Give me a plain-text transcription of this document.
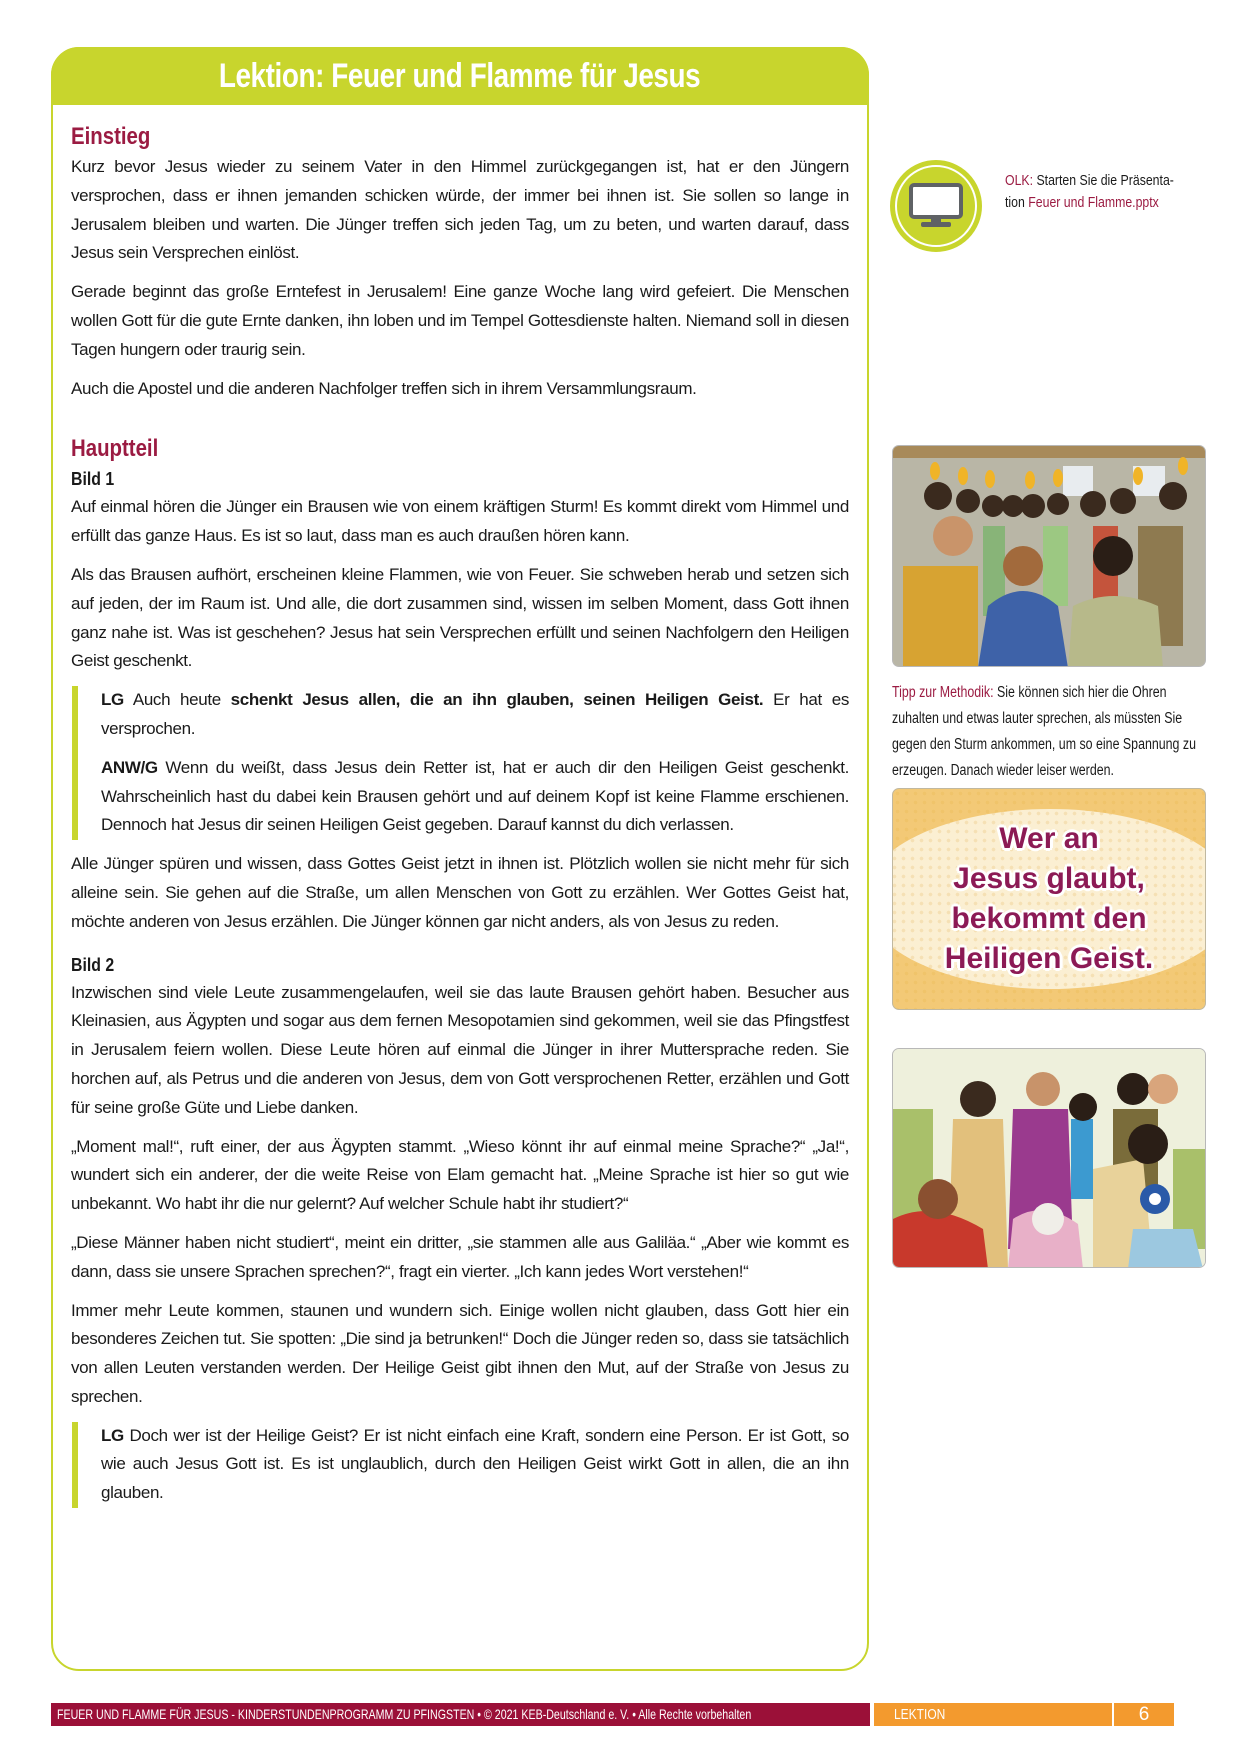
Lektion: Feuer und Flamme für Jesus
Einstieg

Kurz bevor Jesus wieder zu seinem Vater in den Himmel zurückgegangen ist, hat er den Jüngern versprochen, dass er ihnen jemanden schicken würde, der immer bei ihnen ist. Sie sollen so lange in Jerusalem bleiben und warten. Die Jünger treffen sich jeden Tag, um zu beten, und warten darauf, dass Jesus sein Versprechen einlöst.

Gerade beginnt das große Erntefest in Jerusalem! Eine ganze Woche lang wird gefeiert. Die Menschen wollen Gott für die gute Ernte danken, ihn loben und im Tempel Gottesdienste halten. Niemand soll in diesen Tagen hungern oder traurig sein.

Auch die Apostel und die anderen Nachfolger treffen sich in ihrem Versammlungsraum.

Hauptteil
Bild 1

Auf einmal hören die Jünger ein Brausen wie von einem kräftigen Sturm! Es kommt direkt vom Himmel und erfüllt das ganze Haus. Es ist so laut, dass man es auch draußen hören kann.

Als das Brausen aufhört, erscheinen kleine Flammen, wie von Feuer. Sie schweben herab und setzen sich auf jeden, der im Raum ist. Und alle, die dort zusammen sind, wissen im selben Moment, dass Gott ihnen ganz nahe ist. Was ist geschehen? Jesus hat sein Versprechen erfüllt und seinen Nachfolgern den Heiligen Geist geschenkt.

LG Auch heute schenkt Jesus allen, die an ihn glauben, seinen Heiligen Geist. Er hat es versprochen.

ANW/G Wenn du weißt, dass Jesus dein Retter ist, hat er auch dir den Heiligen Geist geschenkt. Wahrscheinlich hast du dabei kein Brausen gehört und auf deinem Kopf ist keine Flamme erschienen. Dennoch hat Jesus dir seinen Heiligen Geist gegeben. Darauf kannst du dich verlassen.

Alle Jünger spüren und wissen, dass Gottes Geist jetzt in ihnen ist. Plötzlich wollen sie nicht mehr für sich alleine sein. Sie gehen auf die Straße, um allen Menschen von Gott zu erzählen. Wer Gottes Geist hat, möchte anderen von Jesus erzählen. Die Jünger können gar nicht anders, als von Jesus zu reden.

Bild 2

Inzwischen sind viele Leute zusammengelaufen, weil sie das laute Brausen gehört haben. Besucher aus Kleinasien, aus Ägypten und sogar aus dem fernen Mesopotamien sind gekommen, weil sie das Pfingstfest in Jerusalem feiern wollen. Diese Leute hören auf einmal die Jünger in ihrer Muttersprache reden. Sie horchen auf, als Petrus und die anderen von Jesus, dem von Gott versprochenen Retter, erzählen und Gott für seine große Güte und Liebe danken.

„Moment mal!“, ruft einer, der aus Ägypten stammt. „Wieso könnt ihr auf einmal meine Sprache?“ „Ja!“, wundert sich ein anderer, der die weite Reise von Elam gemacht hat. „Meine Sprache ist hier so gut wie unbekannt. Wo habt ihr die nur gelernt? Auf welcher Schule habt ihr studiert?“

„Diese Männer haben nicht studiert“, meint ein dritter, „sie stammen alle aus Galiläa.“ „Aber wie kommt es dann, dass sie unsere Sprachen sprechen?“, fragt ein vierter. „Ich kann jedes Wort verstehen!“

Immer mehr Leute kommen, staunen und wundern sich. Einige wollen nicht glauben, dass Gott hier ein besonderes Zeichen tut. Sie spotten: „Die sind ja betrunken!“ Doch die Jünger reden so, dass sie tatsächlich von allen Leuten verstanden werden. Der Heilige Geist gibt ihnen den Mut, auf der Straße von Jesus zu sprechen.

LG Doch wer ist der Heilige Geist? Er ist nicht einfach eine Kraft, sondern eine Person. Er ist Gott, so wie auch Jesus Gott ist. Es ist unglaublich, durch den Heiligen Geist wirkt Gott in allen, die an ihn glauben.

OLK: Starten Sie die Präsenta-
tion Feuer und Flamme.pptx

Tipp zur Methodik: Sie können sich hier die Ohren zuhalten und etwas lauter sprechen, als müssten Sie gegen den Sturm ankommen, um so eine Spannung zu erzeugen. Danach wieder leiser werden.

Wer an
Jesus glaubt,
bekommt den
Heiligen Geist.
FEUER UND FLAMME FÜR JESUS - KINDERSTUNDENPROGRAMM ZU PFINGSTEN • © 2021 KEB-Deutschland e. V. • Alle Rechte vorbehalten	LEKTION	6
